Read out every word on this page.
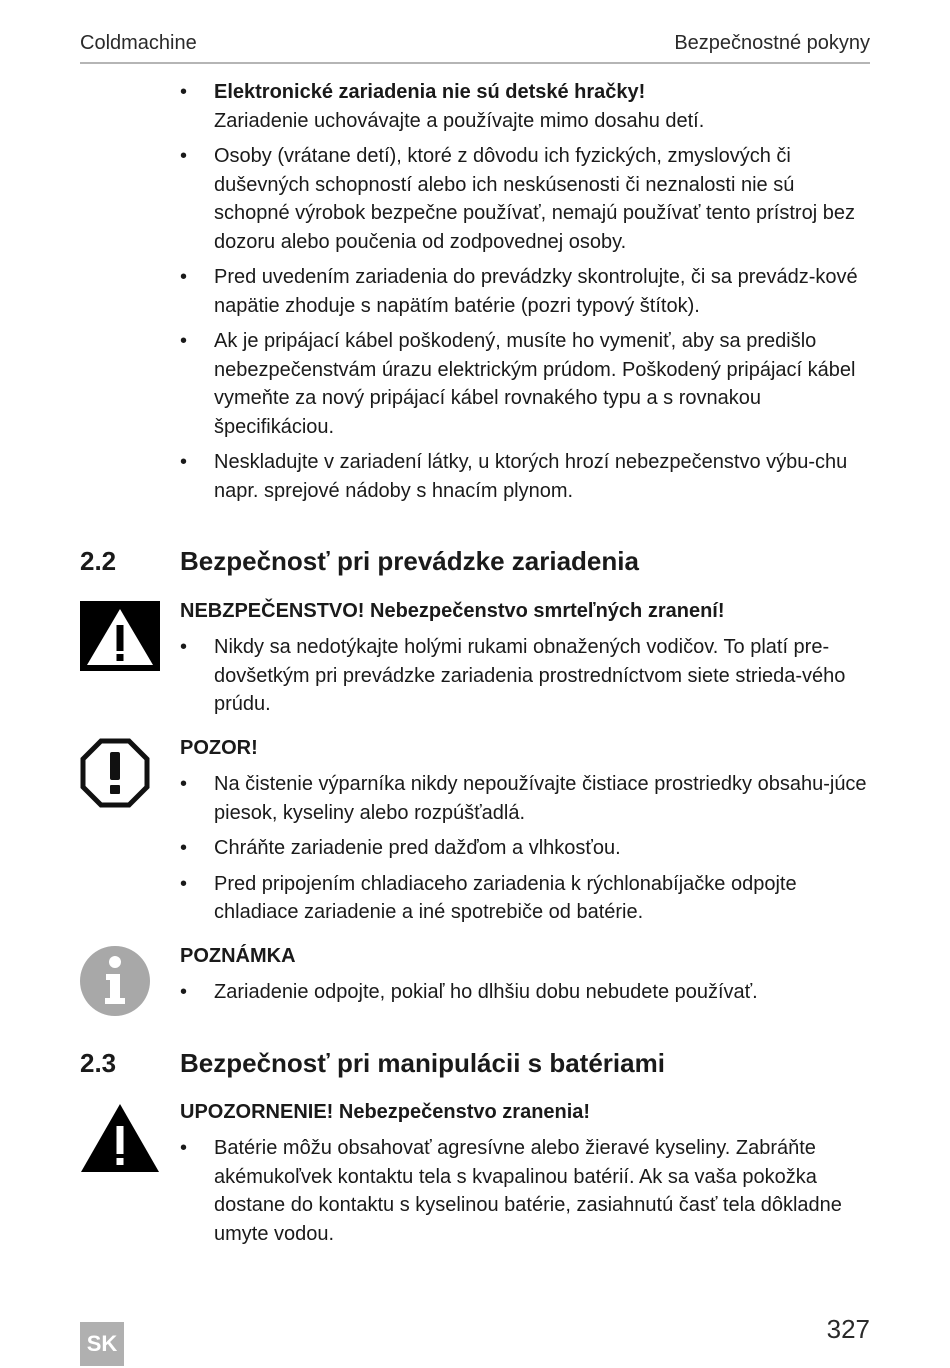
Coldmachine	Bezpečnostné pokyny
• Elektronické zariadenia nie sú detské hračky!
Zariadenie uchovávajte a používajte mimo dosahu detí.
• Osoby (vrátane detí), ktoré z dôvodu ich fyzických, zmyslových či duševných schopností alebo ich neskúsenosti či neznalosti nie sú schopné výrobok bezpečne používať, nemajú používať tento prístroj bez dozoru alebo poučenia od zodpovednej osoby.
• Pred uvedením zariadenia do prevádzky skontrolujte, či sa prevádz-kové napätie zhoduje s napätím batérie (pozri typový štítok).
• Ak je pripájací kábel poškodený, musíte ho vymeniť, aby sa predišlo nebezpečenstvám úrazu elektrickým prúdom. Poškodený pripájací kábel vymeňte za nový pripájací kábel rovnakého typu a s rovnakou špecifikáciou.
• Neskladujte v zariadení látky, u ktorých hrozí nebezpečenstvo výbu-chu napr. sprejové nádoby s hnacím plynom.
2.2 Bezpečnosť pri prevádzke zariadenia
NEBZPEČENSTVO! Nebezpečenstvo smrteľných zranení!
• Nikdy sa nedotýkajte holými rukami obnažených vodičov. To platí pre-dovšetkým pri prevádzke zariadenia prostredníctvom siete strieda-vého prúdu.
POZOR!
• Na čistenie výparníka nikdy nepoužívajte čistiace prostriedky obsahu-júce piesok, kyseliny alebo rozpúšťadlá.
• Chráňte zariadenie pred dažďom a vlhkosťou.
• Pred pripojením chladiaceho zariadenia k rýchlonabíjačke odpojte chladiace zariadenie a iné spotrebiče od batérie.
POZNÁMKA
• Zariadenie odpojte, pokiaľ ho dlhšiu dobu nebudete používať.
2.3 Bezpečnosť pri manipulácii s batériami
UPOZORNENIE! Nebezpečenstvo zranenia!
• Batérie môžu obsahovať agresívne alebo žieravé kyseliny. Zabráňte akémukoľvek kontaktu tela s kvapalinou batérií. Ak sa vaša pokožka dostane do kontaktu s kyselinou batérie, zasiahnutú časť tela dôkladne umyte vodou.
SK	327
